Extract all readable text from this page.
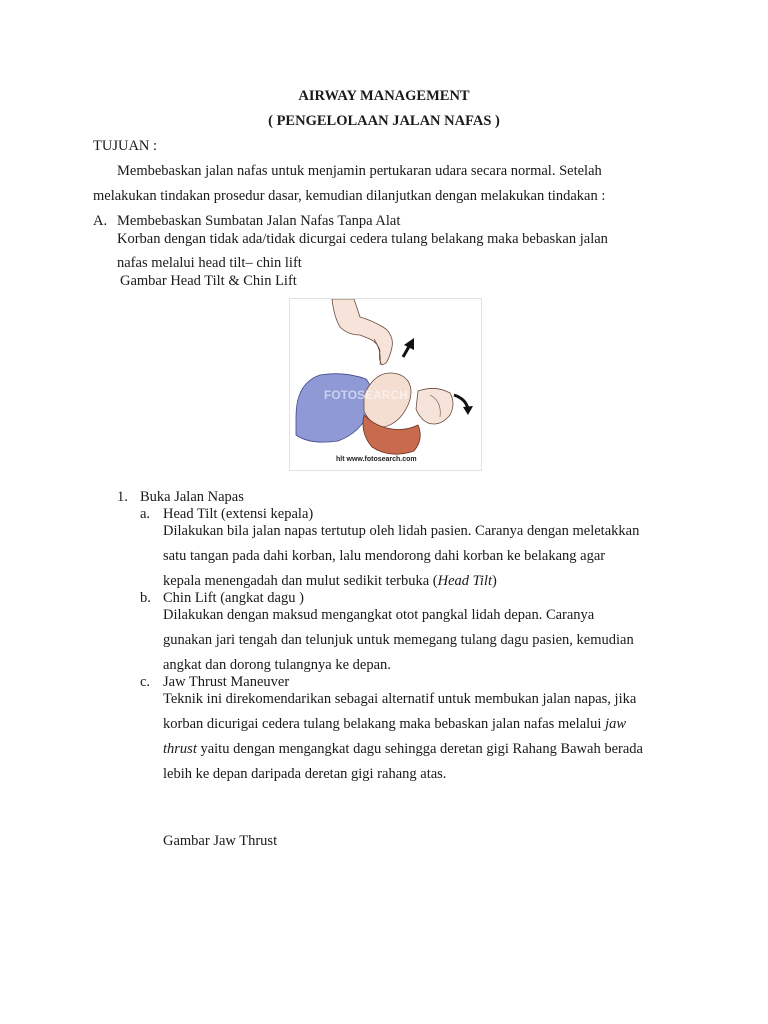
AIRWAY MANAGEMENT
( PENGELOLAAN JALAN NAFAS )
TUJUAN :
Membebaskan jalan nafas untuk menjamin pertukaran udara secara normal. Setelah
melakukan tindakan prosedur dasar, kemudian dilanjutkan dengan melakukan tindakan :
A. Membebaskan Sumbatan Jalan Nafas Tanpa Alat
Korban dengan tidak ada/tidak dicurgai cedera tulang belakang maka bebaskan jalan
nafas melalui head tilt– chin lift
Gambar Head Tilt & Chin Lift
FOTOSEARCH
hlt www.fotosearch.com
1. Buka Jalan Napas
a. Head Tilt (extensi kepala)
Dilakukan bila jalan napas tertutup oleh lidah pasien. Caranya dengan meletakkan
satu tangan pada dahi korban, lalu mendorong dahi korban ke belakang agar
kepala menengadah dan mulut sedikit terbuka (Head Tilt)
b. Chin Lift (angkat dagu )
Dilakukan dengan maksud mengangkat otot pangkal lidah depan. Caranya
gunakan jari tengah dan telunjuk untuk memegang tulang dagu pasien, kemudian
angkat dan dorong tulangnya ke depan.
c. Jaw Thrust Maneuver
Teknik ini direkomendarikan sebagai alternatif untuk membukan jalan napas, jika
korban dicurigai cedera tulang belakang maka bebaskan jalan nafas melalui jaw
thrust yaitu dengan mengangkat dagu sehingga deretan gigi Rahang Bawah berada
lebih ke depan daripada deretan gigi rahang atas.
Gambar Jaw Thrust
